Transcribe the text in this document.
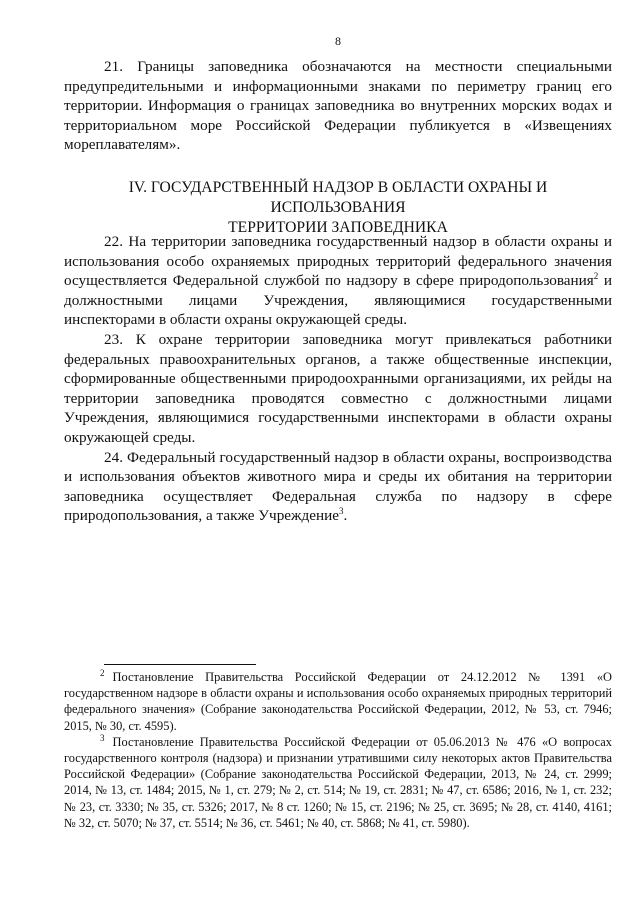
8

21. Границы заповедника обозначаются на местности специальными предупредительными и информационными знаками по периметру границ его территории. Информация о границах заповедника во внутренних морских водах и территориальном море Российской Федерации публикуется в «Извещениях мореплавателям».

IV. ГОСУДАРСТВЕННЫЙ НАДЗОР В ОБЛАСТИ ОХРАНЫ И ИСПОЛЬЗОВАНИЯ
ТЕРРИТОРИИ ЗАПОВЕДНИКА

22. На территории заповедника государственный надзор в области охраны и использования особо охраняемых природных территорий федерального значения осуществляется Федеральной службой по надзору в сфере природопользования$^2$ и должностными лицами Учреждения, являющимися государственными инспекторами в области охраны окружающей среды.

23. К охране территории заповедника могут привлекаться работники федеральных правоохранительных органов, а также общественные инспекции, сформированные общественными природоохранными организациями, их рейды на территории заповедника проводятся совместно с должностными лицами Учреждения, являющимися государственными инспекторами в области охраны окружающей среды.

24. Федеральный государственный надзор в области охраны, воспроизводства и использования объектов животного мира и среды их обитания на территории заповедника осуществляет Федеральная служба по надзору в сфере природопользования, а также Учреждение$^3$.

$^2$ Постановление Правительства Российской Федерации от 24.12.2012 № 1391 «О государственном надзоре в области охраны и использования особо охраняемых природных территорий федерального значения» (Собрание законодательства Российской Федерации, 2012, № 53, ст. 7946; 2015, № 30, ст. 4595).

$^3$ Постановление Правительства Российской Федерации от 05.06.2013 № 476 «О вопросах государственного контроля (надзора) и признании утратившими силу некоторых актов Правительства Российской Федерации» (Собрание законодательства Российской Федерации, 2013, № 24, ст. 2999; 2014, № 13, ст. 1484; 2015, № 1, ст. 279; № 2, ст. 514; № 19, ст. 2831; № 47, ст. 6586; 2016, № 1, ст. 232; № 23, ст. 3330; № 35, ст. 5326; 2017, № 8 ст. 1260; № 15, ст. 2196; № 25, ст. 3695; № 28, ст. 4140, 4161; № 32, ст. 5070; № 37, ст. 5514; № 36, ст. 5461; № 40, ст. 5868; № 41, ст. 5980).
